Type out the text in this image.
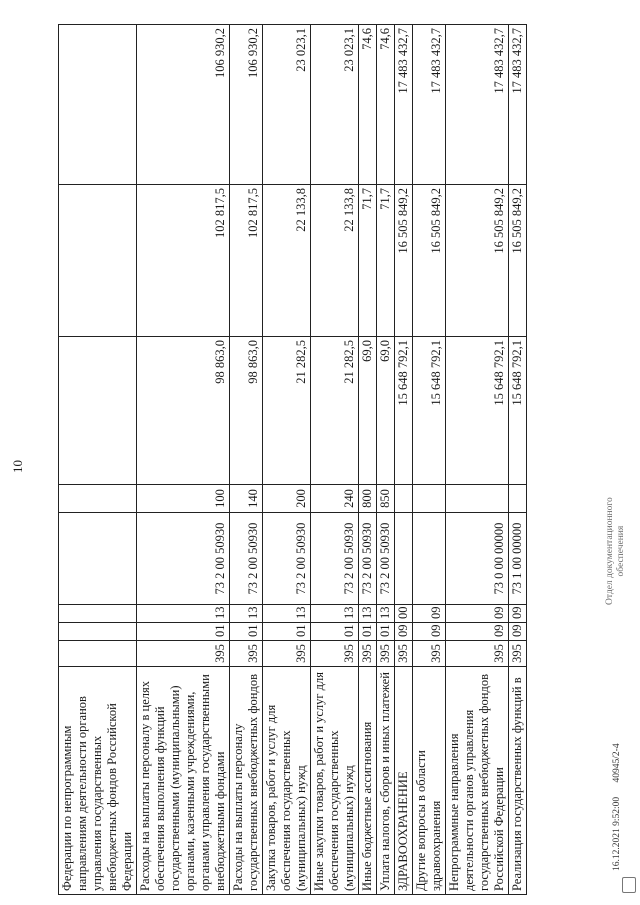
10
Федерации по непрограммным направлениям деятельности органов управления государственных внебюджетных фондов Российской Федерации								
Расходы на выплаты персоналу в целях обеспечения выполнения функций государственными (муниципальными) органами, казенными учреждениями, органами управления государственными внебюджетными фондами	395	01	13	73 2 00 50930	100	98 863,0	102 817,5	106 930,2
Расходы на выплаты персоналу государственных внебюджетных фондов	395	01	13	73 2 00 50930	140	98 863,0	102 817,5	106 930,2
Закупка товаров, работ и услуг для обеспечения государственных (муниципальных) нужд	395	01	13	73 2 00 50930	200	21 282,5	22 133,8	23 023,1
Иные закупки товаров, работ и услуг для обеспечения государственных (муниципальных) нужд	395	01	13	73 2 00 50930	240	21 282,5	22 133,8	23 023,1
Иные бюджетные ассигнования	395	01	13	73 2 00 50930	800	69,0	71,7	74,6
Уплата налогов, сборов и иных платежей	395	01	13	73 2 00 50930	850	69,0	71,7	74,6
ЗДРАВООХРАНЕНИЕ	395	09	00			15 648 792,1	16 505 849,2	17 483 432,7
Другие вопросы в области здравоохранения	395	09	09			15 648 792,1	16 505 849,2	17 483 432,7
Непрограммные направления деятельности органов управления государственных внебюджетных фондов Российской Федерации	395	09	09	73 0 00 00000		15 648 792,1	16 505 849,2	17 483 432,7
Реализация государственных функций в	395	09	09	73 1 00 00000		15 648 792,1	16 505 849,2	17 483 432,7
Отдел документационного обеспечения
16.12.2021 9:52:00 40945/2-4
